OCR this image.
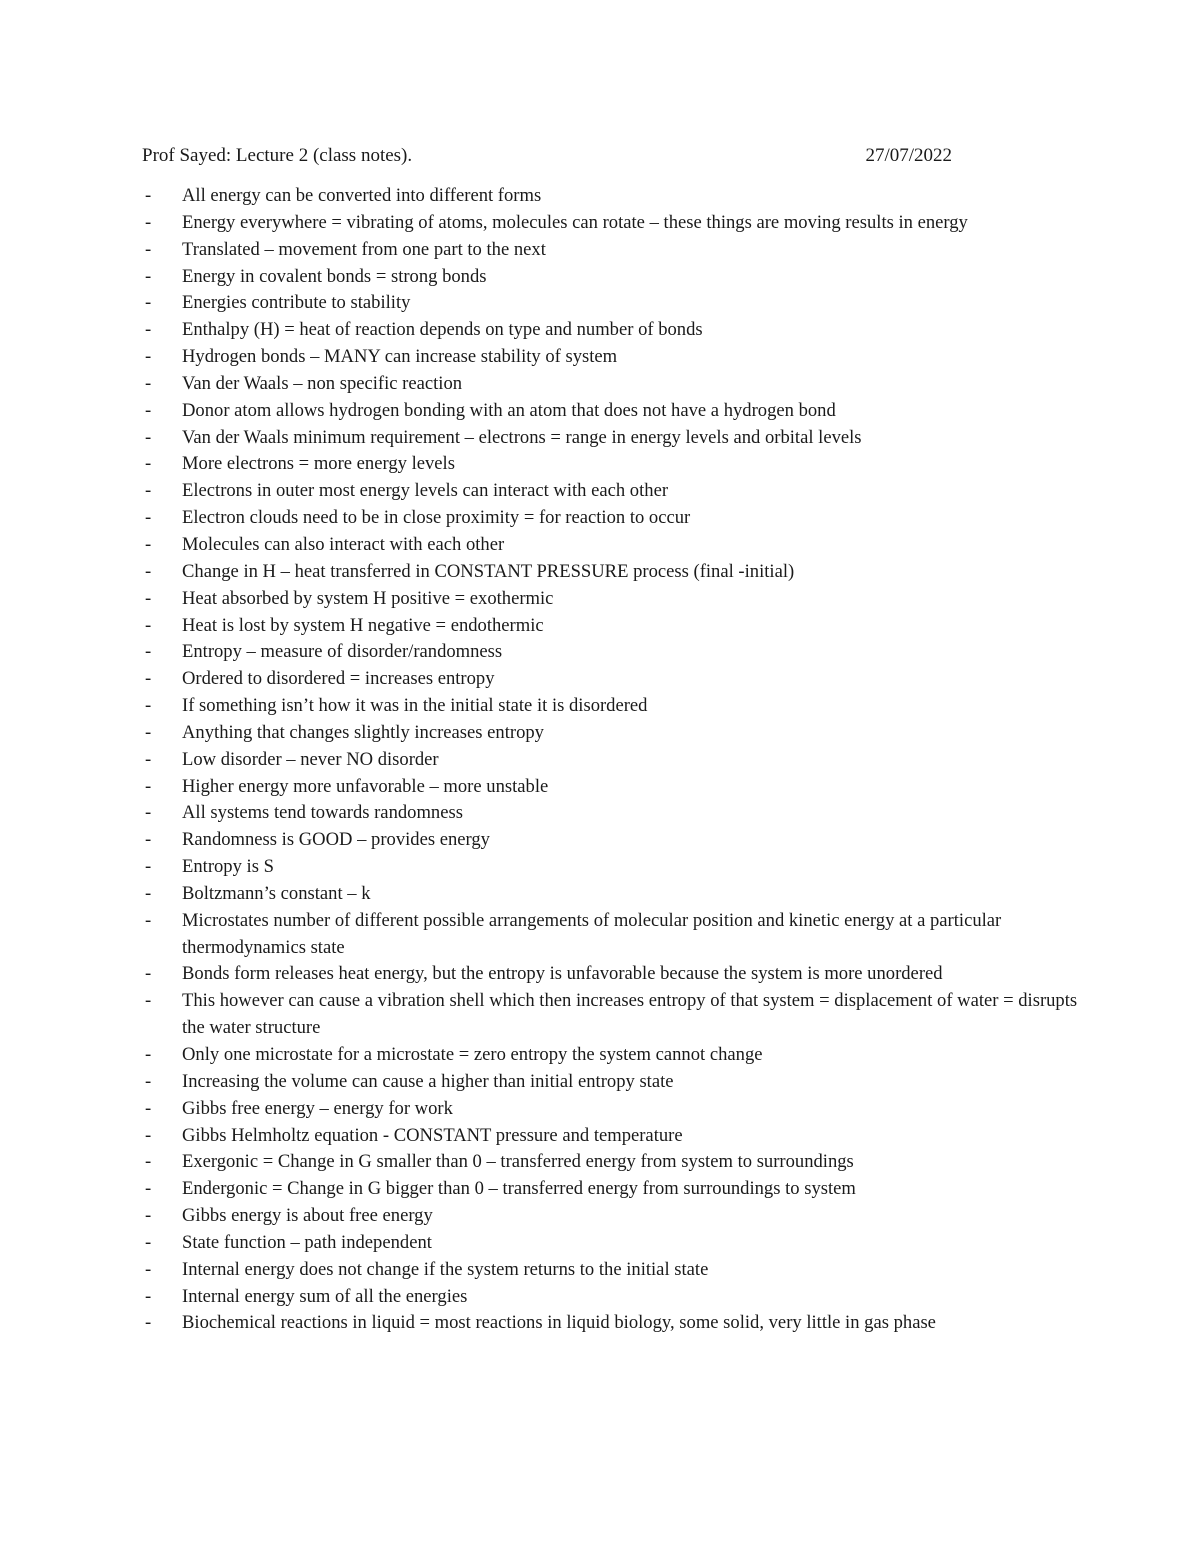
Prof Sayed: Lecture 2 (class notes).	27/07/2022
- All energy can be converted into different forms
- Energy everywhere = vibrating of atoms, molecules can rotate – these things are moving results in energy
- Translated – movement from one part to the next
- Energy in covalent bonds = strong bonds
- Energies contribute to stability
- Enthalpy (H) = heat of reaction depends on type and number of bonds
- Hydrogen bonds – MANY can increase stability of system
- Van der Waals – non specific reaction
- Donor atom allows hydrogen bonding with an atom that does not have a hydrogen bond
- Van der Waals minimum requirement – electrons = range in energy levels and orbital levels
- More electrons = more energy levels
- Electrons in outer most energy levels can interact with each other
- Electron clouds need to be in close proximity = for reaction to occur
- Molecules can also interact with each other
- Change in H – heat transferred in CONSTANT PRESSURE process (final -initial)
- Heat absorbed by system H positive = exothermic
- Heat is lost by system H negative = endothermic
- Entropy – measure of disorder/randomness
- Ordered to disordered = increases entropy
- If something isn’t how it was in the initial state it is disordered
- Anything that changes slightly increases entropy
- Low disorder – never NO disorder
- Higher energy more unfavorable – more unstable
- All systems tend towards randomness
- Randomness is GOOD – provides energy
- Entropy is S
- Boltzmann’s constant – k
- Microstates number of different possible arrangements of molecular position and kinetic energy at a particular thermodynamics state
- Bonds form releases heat energy, but the entropy is unfavorable because the system is more unordered
- This however can cause a vibration shell which then increases entropy of that system = displacement of water = disrupts the water structure
- Only one microstate for a microstate = zero entropy the system cannot change
- Increasing the volume can cause a higher than initial entropy state
- Gibbs free energy – energy for work
- Gibbs Helmholtz equation - CONSTANT pressure and temperature
- Exergonic = Change in G smaller than 0 – transferred energy from system to surroundings
- Endergonic = Change in G bigger than 0 – transferred energy from surroundings to system
- Gibbs energy is about free energy
- State function – path independent
- Internal energy does not change if the system returns to the initial state
- Internal energy sum of all the energies
- Biochemical reactions in liquid = most reactions in liquid biology, some solid, very little in gas phase
